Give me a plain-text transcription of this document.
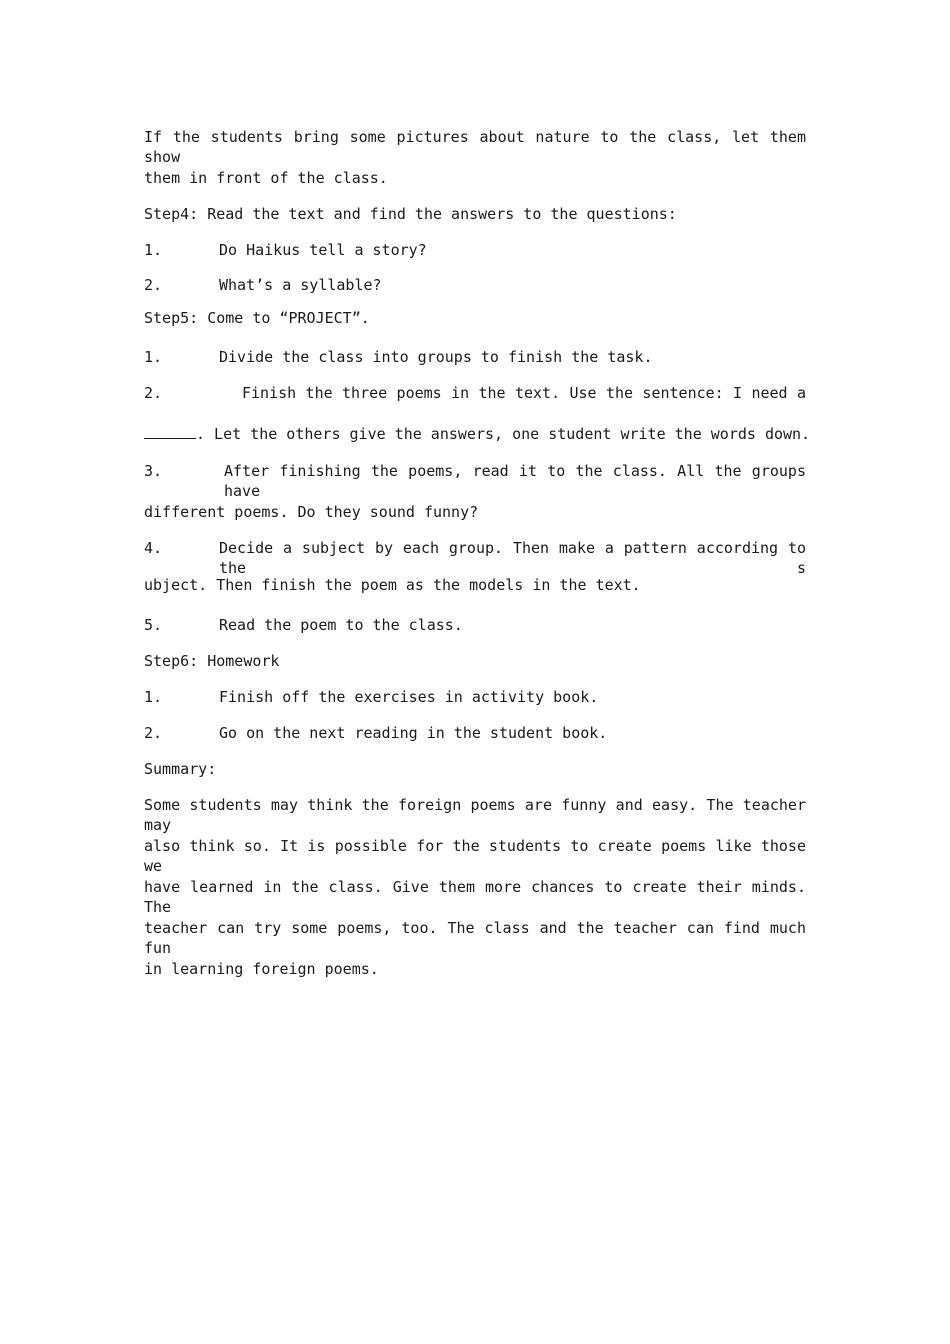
If the students bring some pictures about nature to the class, let them show
them in front of the class.
Step4: Read the text and find the answers to the questions:
1.	Do Haikus tell a story?
2.	What’s a syllable?
Step5: Come to “PROJECT”.
1.	Divide the class into groups to finish the task.
2.	Finish the three poems in the text. Use the sentence: I need a
. Let the others give the answers, one student write the words down.
3.	After finishing the poems, read it to the class. All the groups have
different poems. Do they sound funny?
4.	Decide a subject by each group. Then make a pattern according to the s
ubject. Then finish the poem as the models in the text.
5.	Read the poem to the class.
Step6: Homework
1.	Finish off the exercises in activity book.
2.	Go on the next reading in the student book.
Summary:
Some students may think the foreign poems are funny and easy. The teacher may
also think so. It is possible for the students to create poems like those we
have learned in the class. Give them more chances to create their minds. The
teacher can try some poems, too. The class and the teacher can find much fun
in learning foreign poems.
